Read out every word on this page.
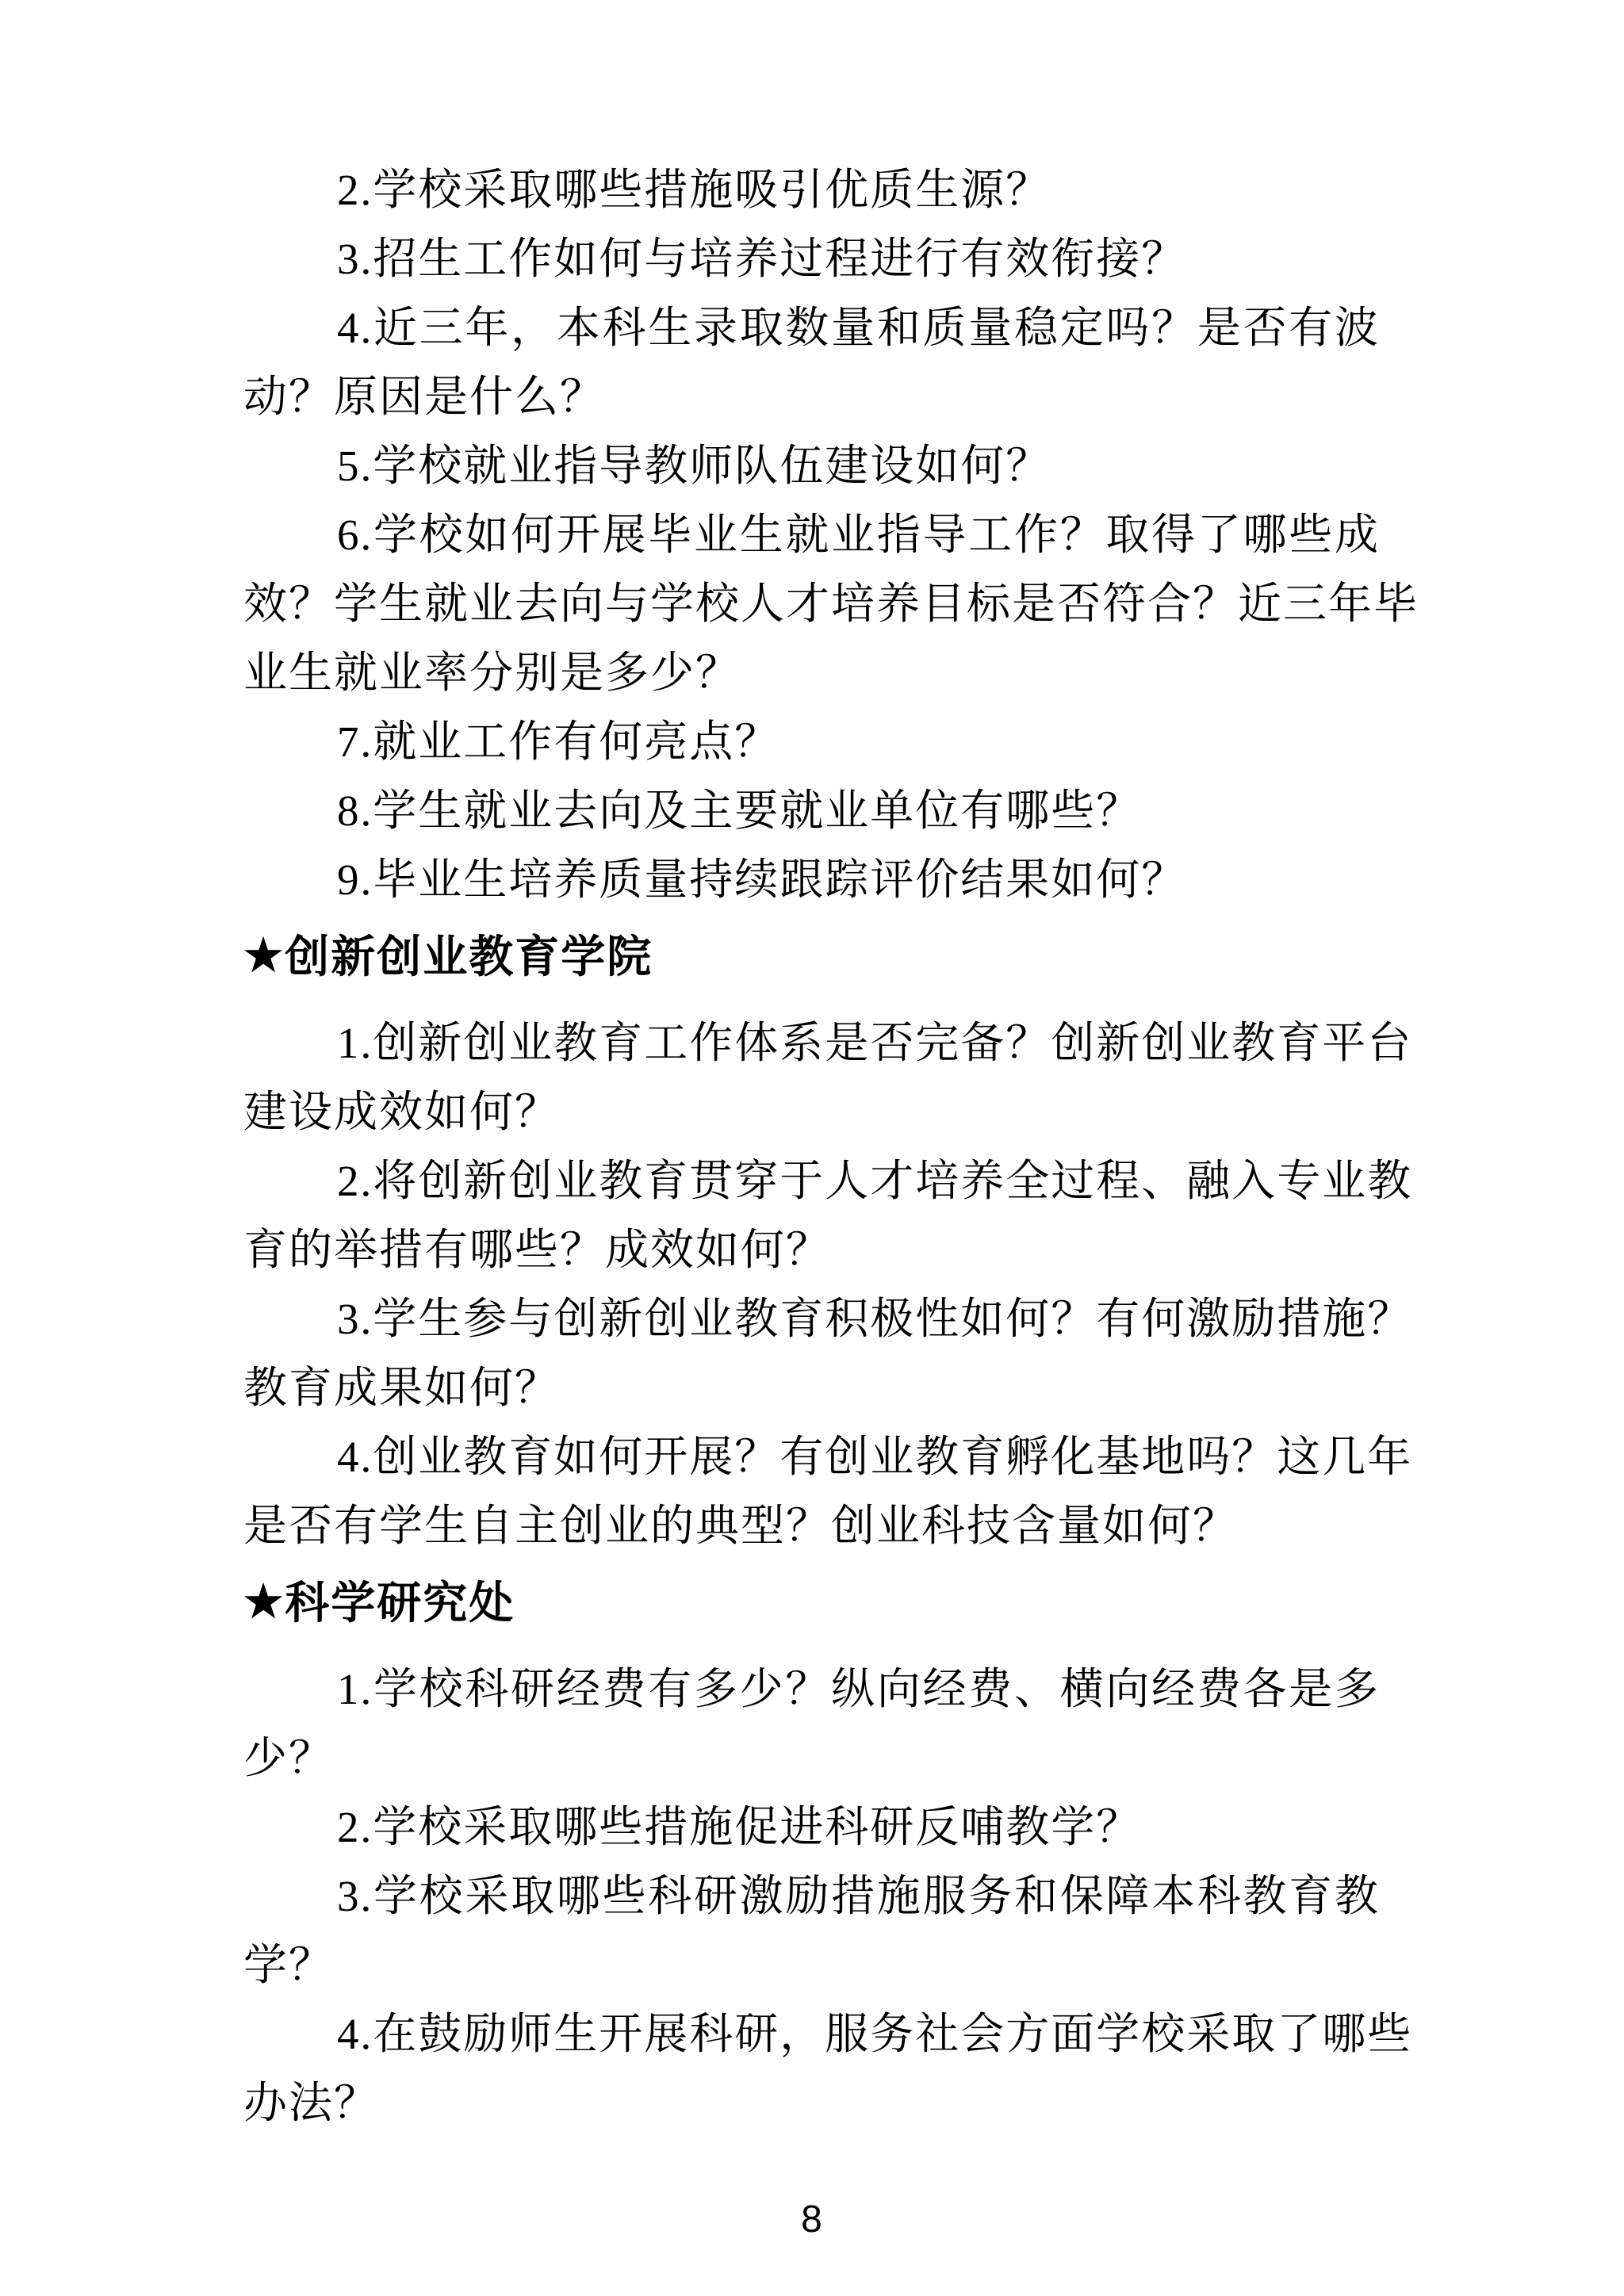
2.学校采取哪些措施吸引优质生源？
3.招生工作如何与培养过程进行有效衔接？
4.近三年，本科生录取数量和质量稳定吗？是否有波
动？原因是什么？
5.学校就业指导教师队伍建设如何？
6.学校如何开展毕业生就业指导工作？取得了哪些成
效？学生就业去向与学校人才培养目标是否符合？近三年毕
业生就业率分别是多少？
7.就业工作有何亮点？
8.学生就业去向及主要就业单位有哪些？
9.毕业生培养质量持续跟踪评价结果如何？
★创新创业教育学院
1.创新创业教育工作体系是否完备？创新创业教育平台
建设成效如何？
2.将创新创业教育贯穿于人才培养全过程、融入专业教
育的举措有哪些？成效如何？
3.学生参与创新创业教育积极性如何？有何激励措施？
教育成果如何？
4.创业教育如何开展？有创业教育孵化基地吗？这几年
是否有学生自主创业的典型？创业科技含量如何？
★科学研究处
1.学校科研经费有多少？纵向经费、横向经费各是多
少？
2.学校采取哪些措施促进科研反哺教学？
3.学校采取哪些科研激励措施服务和保障本科教育教
学？
4.在鼓励师生开展科研，服务社会方面学校采取了哪些
办法？
8
